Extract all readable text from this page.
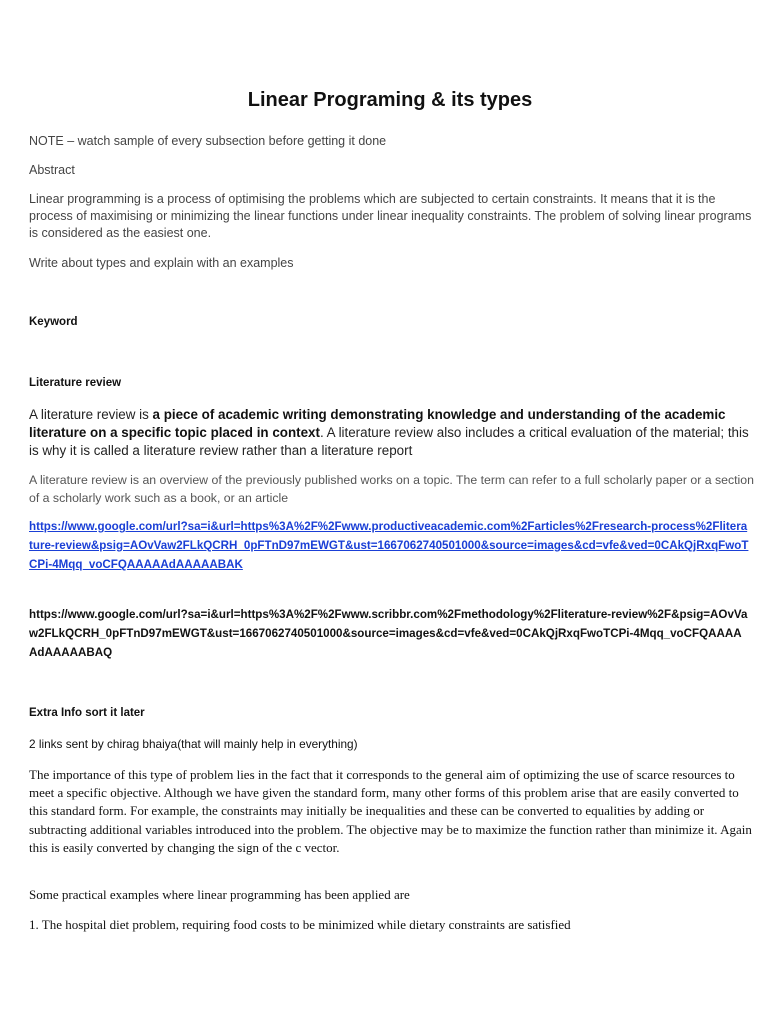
Linear Programing & its types

NOTE – watch sample of every subsection before getting it done

Abstract

Linear programming is a process of optimising the problems which are subjected to certain constraints. It means that it is the process of maximising or minimizing the linear functions under linear inequality constraints. The problem of solving linear programs is considered as the easiest one.

Write about types and explain with an examples

Keyword

Literature review

A literature review is a piece of academic writing demonstrating knowledge and understanding of the academic literature on a specific topic placed in context. A literature review also includes a critical evaluation of the material; this is why it is called a literature review rather than a literature report

A literature review is an overview of the previously published works on a topic. The term can refer to a full scholarly paper or a section of a scholarly work such as a book, or an article

https://www.google.com/url?sa=i&url=https%3A%2F%2Fwww.productiveacademic.com%2Farticles%2Fresearch-process%2Fliterature-review&psig=AOvVaw2FLkQCRH_0pFTnD97mEWGT&ust=1667062740501000&source=images&cd=vfe&ved=0CAkQjRxqFwoTCPi-4Mqq_voCFQAAAAAdAAAAABAK

https://www.google.com/url?sa=i&url=https%3A%2F%2Fwww.scribbr.com%2Fmethodology%2Fliterature-review%2F&psig=AOvVaw2FLkQCRH_0pFTnD97mEWGT&ust=1667062740501000&source=images&cd=vfe&ved=0CAkQjRxqFwoTCPi-4Mqq_voCFQAAAAAdAAAAABAQ

Extra Info sort it later

2 links sent by chirag bhaiya(that will mainly help in everything)

The importance of this type of problem lies in the fact that it corresponds to the general aim of optimizing the use of scarce resources to meet a specific objective. Although we have given the standard form, many other forms of this problem arise that are easily converted to this standard form. For example, the constraints may initially be inequalities and these can be converted to equalities by adding or subtracting additional variables introduced into the problem. The objective may be to maximize the function rather than minimize it. Again this is easily converted by changing the sign of the c vector.

Some practical examples where linear programming has been applied are

1. The hospital diet problem, requiring food costs to be minimized while dietary constraints are satisfied
